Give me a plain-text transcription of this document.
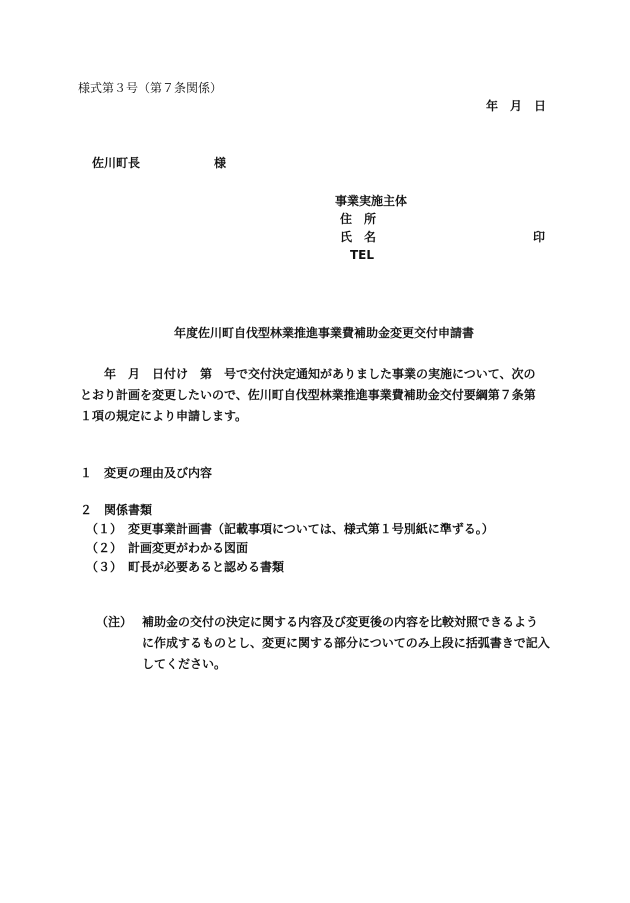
様式第３号（第７条関係）
年　月　日
佐川町長	様
事業実施主体
住　所
氏　名	印
TEL
年度佐川町自伐型林業推進事業費補助金変更交付申請書
年　月　日付け　第　号で交付決定通知がありました事業の実施について、次の
とおり計画を変更したいので、佐川町自伐型林業推進事業費補助金交付要綱第７条第
１項の規定により申請します。
１ 変更の理由及び内容
２ 関係書類
（１） 変更事業計画書（記載事項については、様式第１号別紙に準ずる。）
（２） 計画変更がわかる図面
（３） 町長が必要あると認める書類
（注） 補助金の交付の決定に関する内容及び変更後の内容を比較対照できるよう
に作成するものとし、変更に関する部分についてのみ上段に括弧書きで記入
してください。
